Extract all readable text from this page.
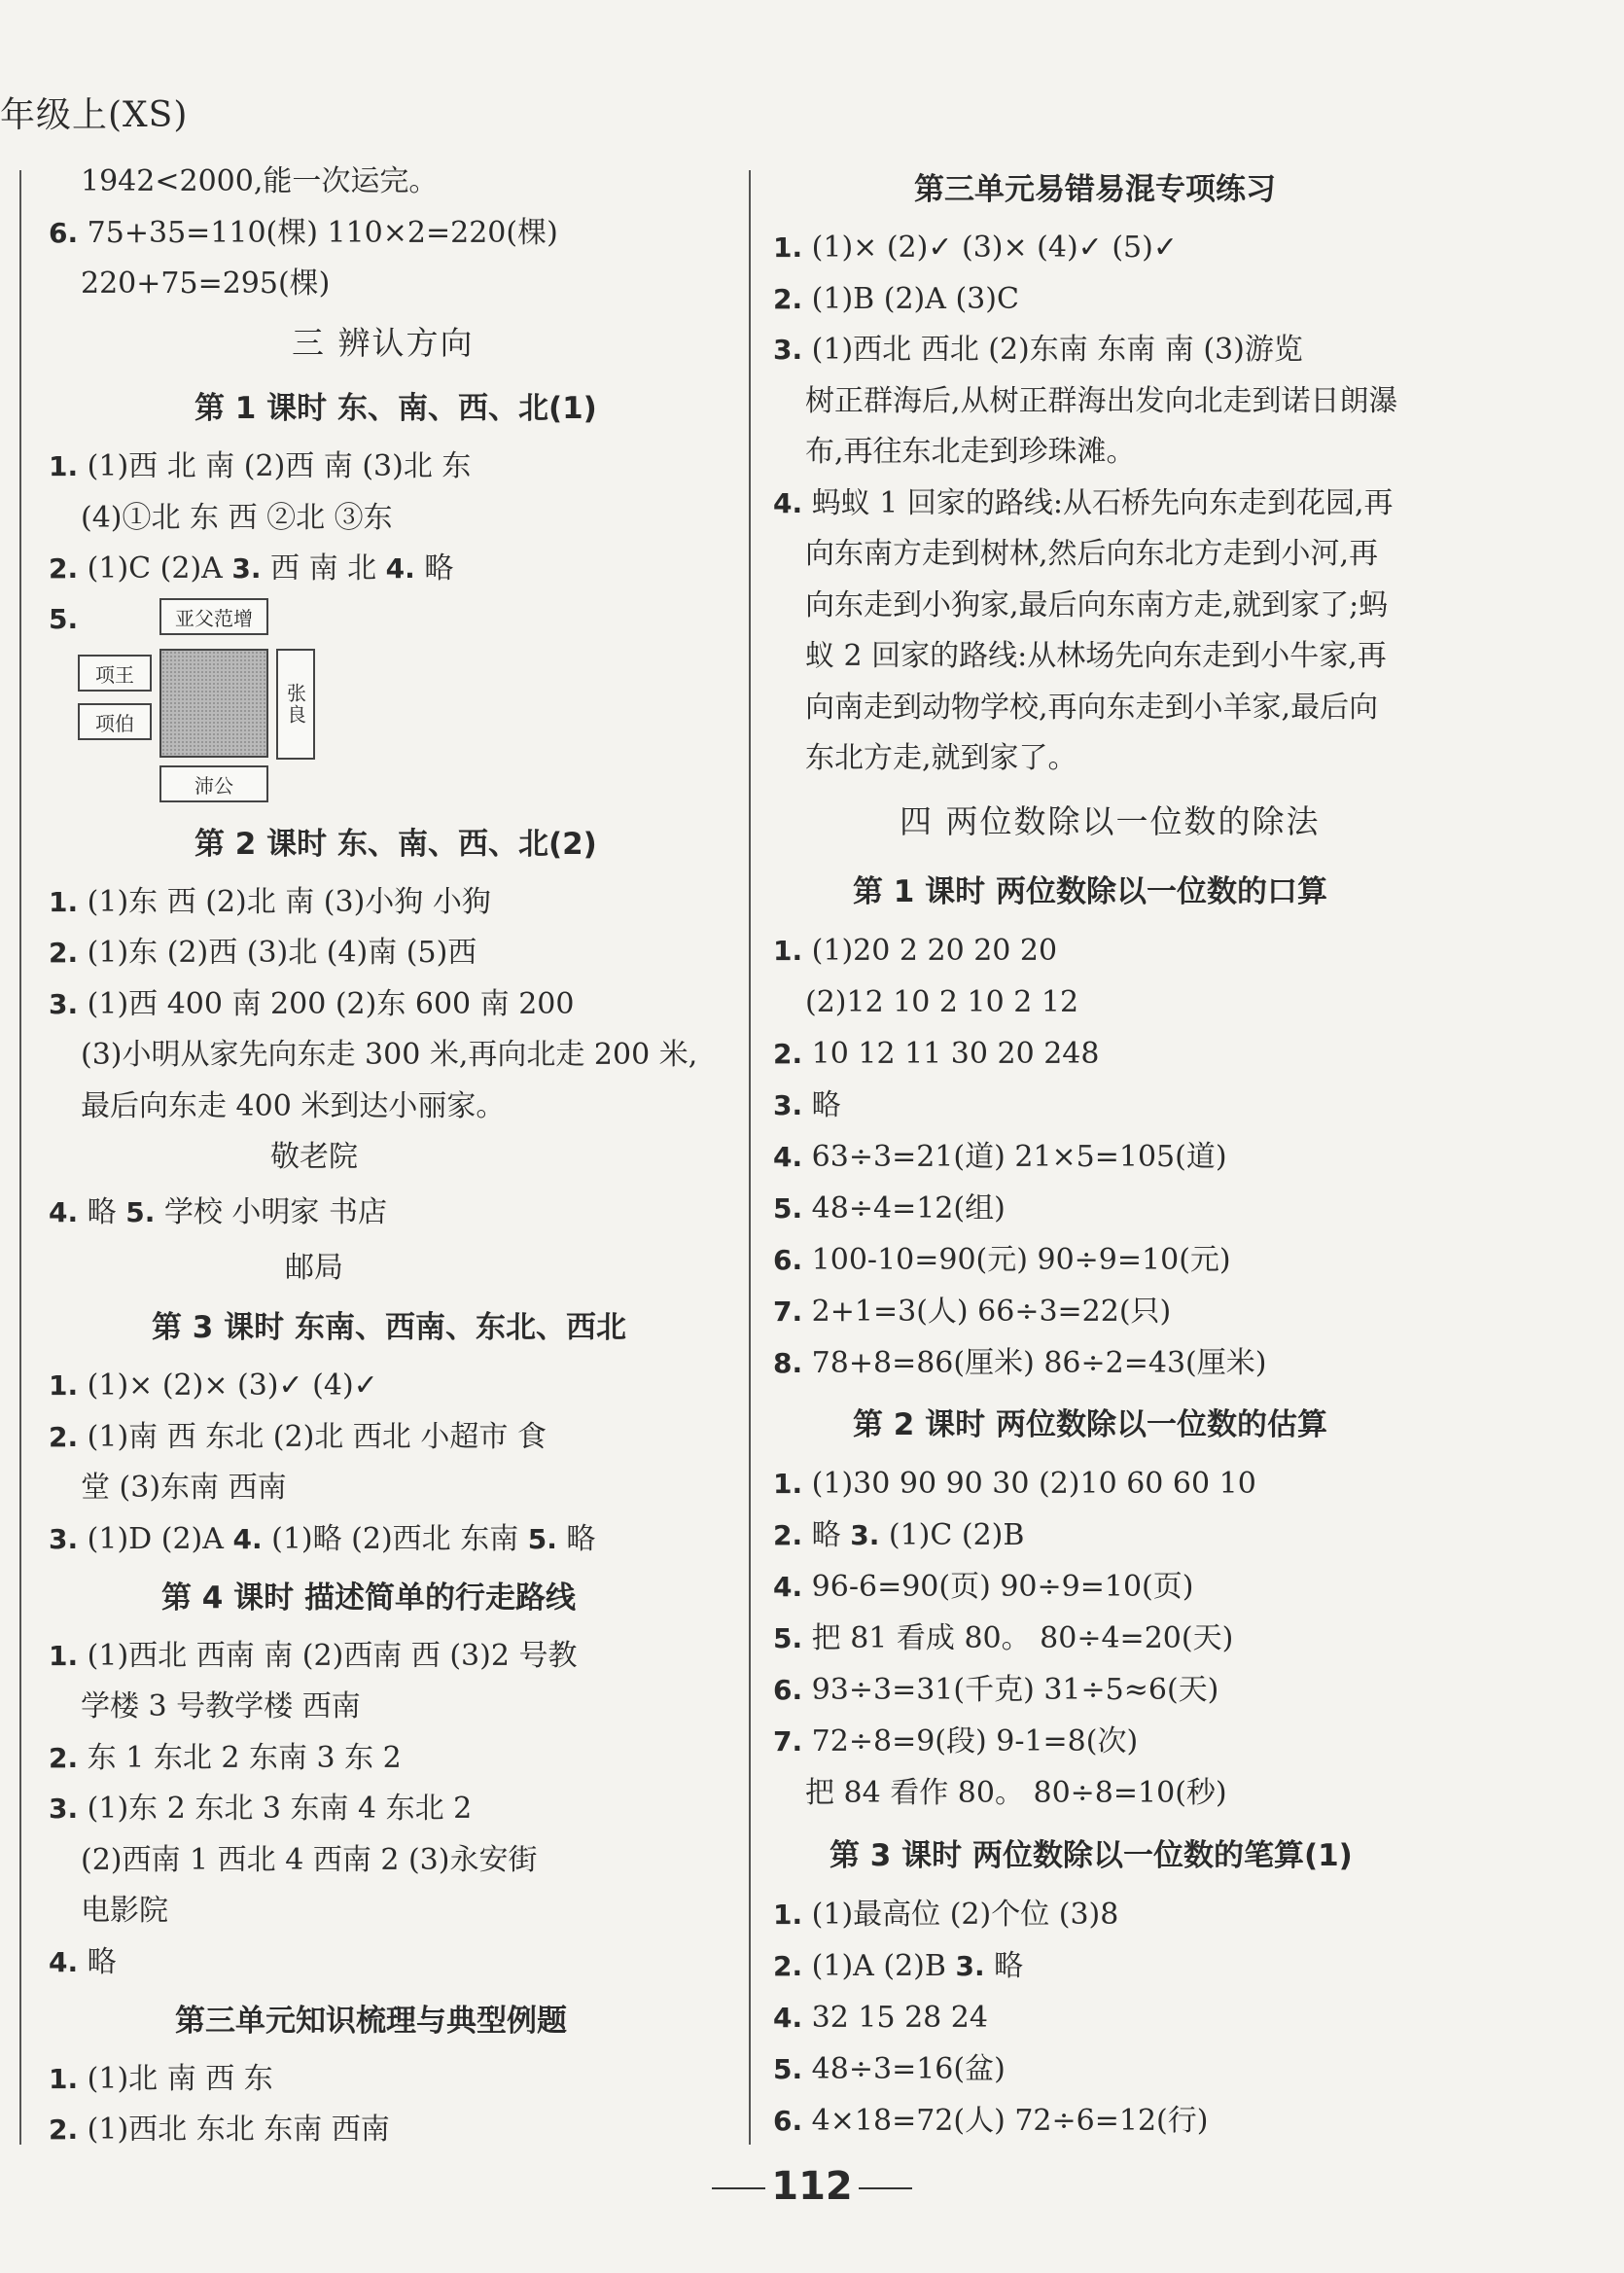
年级上(XS)
1942<2000,能一次运完。
6. 75+35=110(棵) 110×2=220(棵)
220+75=295(棵)
三 辨认方向
第 1 课时 东、南、西、北(1)
1. (1)西 北 南 (2)西 南 (3)北 东
(4)①北 东 西 ②北 ③东
2. (1)C (2)A 3. 西 南 北 4. 略
5.	亚父范增
项王
项伯	张良
沛公
第 2 课时 东、南、西、北(2)
1. (1)东 西 (2)北 南 (3)小狗 小狗
2. (1)东 (2)西 (3)北 (4)南 (5)西
3. (1)西 400 南 200 (2)东 600 南 200
(3)小明从家先向东走 300 米,再向北走 200 米,
最后向东走 400 米到达小丽家。
敬老院
4. 略 5. 学校 小明家 书店
邮局
第 3 课时 东南、西南、东北、西北
1. (1)× (2)× (3)✓ (4)✓
2. (1)南 西 东北 (2)北 西北 小超市 食
堂 (3)东南 西南
3. (1)D (2)A 4. (1)略 (2)西北 东南 5. 略
第 4 课时 描述简单的行走路线
1. (1)西北 西南 南 (2)西南 西 (3)2 号教
学楼 3 号教学楼 西南
2. 东 1 东北 2 东南 3 东 2
3. (1)东 2 东北 3 东南 4 东北 2
(2)西南 1 西北 4 西南 2 (3)永安街
电影院
4. 略
第三单元知识梳理与典型例题
1. (1)北 南 西 东
2. (1)西北 东北 东南 西南
第三单元易错易混专项练习
1. (1)× (2)✓ (3)× (4)✓ (5)✓
2. (1)B (2)A (3)C
3. (1)西北 西北 (2)东南 东南 南 (3)游览
树正群海后,从树正群海出发向北走到诺日朗瀑
布,再往东北走到珍珠滩。
4. 蚂蚁 1 回家的路线:从石桥先向东走到花园,再
向东南方走到树林,然后向东北方走到小河,再
向东走到小狗家,最后向东南方走,就到家了;蚂
蚁 2 回家的路线:从林场先向东走到小牛家,再
向南走到动物学校,再向东走到小羊家,最后向
东北方走,就到家了。
四 两位数除以一位数的除法
第 1 课时 两位数除以一位数的口算
1. (1)20 2 20 20 20
(2)12 10 2 10 2 12
2. 10 12 11 30 20 248
3. 略
4. 63÷3=21(道) 21×5=105(道)
5. 48÷4=12(组)
6. 100-10=90(元) 90÷9=10(元)
7. 2+1=3(人) 66÷3=22(只)
8. 78+8=86(厘米) 86÷2=43(厘米)
第 2 课时 两位数除以一位数的估算
1. (1)30 90 90 30 (2)10 60 60 10
2. 略 3. (1)C (2)B
4. 96-6=90(页) 90÷9=10(页)
5. 把 81 看成 80。 80÷4=20(天)
6. 93÷3=31(千克) 31÷5≈6(天)
7. 72÷8=9(段) 9-1=8(次)
把 84 看作 80。 80÷8=10(秒)
第 3 课时 两位数除以一位数的笔算(1)
1. (1)最高位 (2)个位 (3)8
2. (1)A (2)B 3. 略
4. 32 15 28 24
5. 48÷3=16(盆)
6. 4×18=72(人) 72÷6=12(行)
112
